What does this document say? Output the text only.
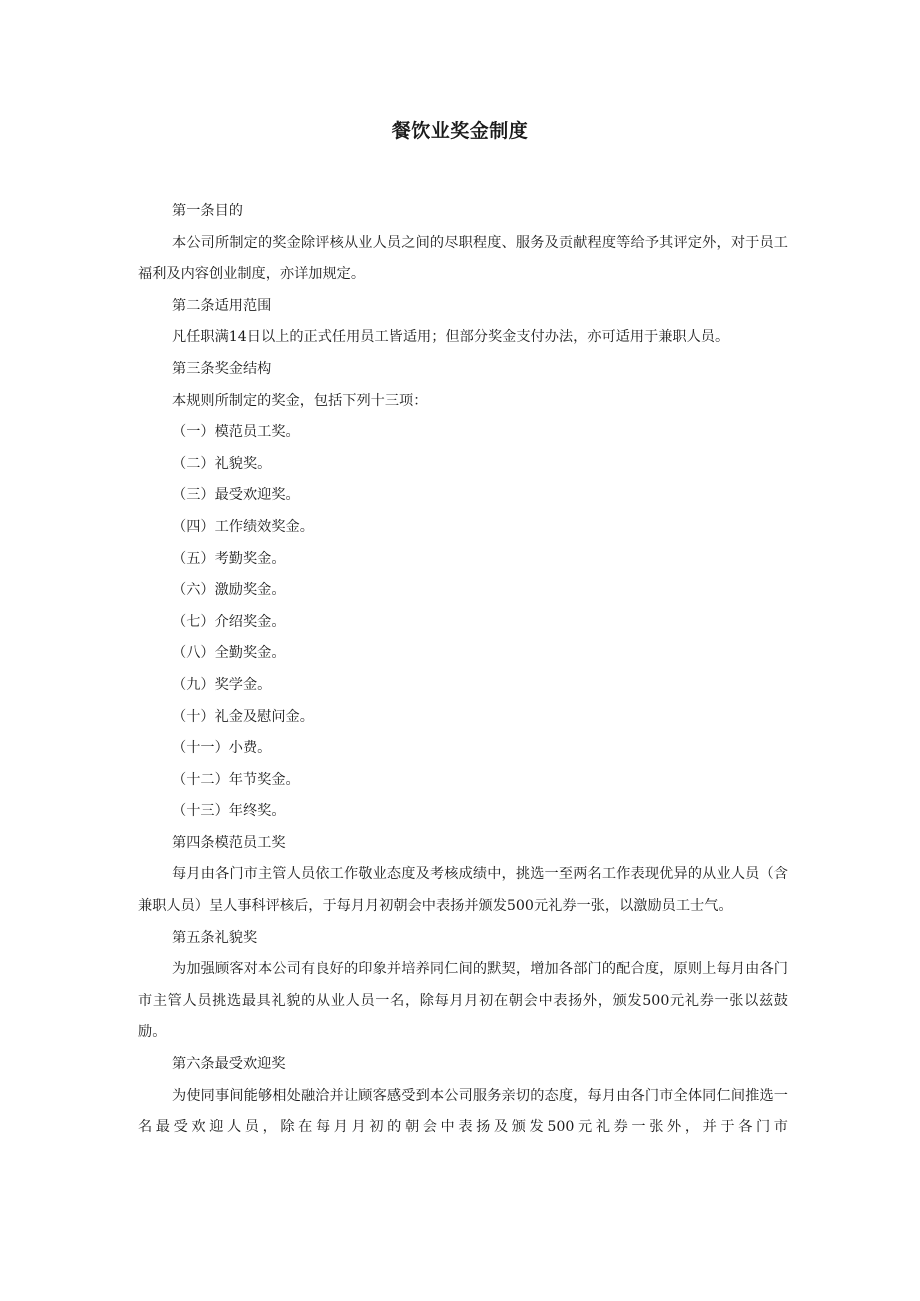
餐饮业奖金制度

第一条目的

本公司所制定的奖金除评核从业人员之间的尽职程度、服务及贡献程度等给予其评定外，对于员工福利及内容创业制度，亦详加规定。

第二条适用范围

凡任职满14日以上的正式任用员工皆适用；但部分奖金支付办法，亦可适用于兼职人员。

第三条奖金结构

本规则所制定的奖金，包括下列十三项：

（一）模范员工奖。

（二）礼貌奖。

（三）最受欢迎奖。

（四）工作绩效奖金。

（五）考勤奖金。

（六）激励奖金。

（七）介绍奖金。

（八）全勤奖金。

（九）奖学金。

（十）礼金及慰问金。

（十一）小费。

（十二）年节奖金。

（十三）年终奖。

第四条模范员工奖

每月由各门市主管人员依工作敬业态度及考核成绩中，挑选一至两名工作表现优异的从业人员（含兼职人员）呈人事科评核后，于每月月初朝会中表扬并颁发500元礼券一张，以激励员工士气。

第五条礼貌奖

为加强顾客对本公司有良好的印象并培养同仁间的默契，增加各部门的配合度，原则上每月由各门市主管人员挑选最具礼貌的从业人员一名，除每月月初在朝会中表扬外，颁发500元礼券一张以兹鼓励。

第六条最受欢迎奖

为使同事间能够相处融洽并让顾客感受到本公司服务亲切的态度，每月由各门市全体同仁间推选一名最受欢迎人员，除在每月月初的朝会中表扬及颁发500元礼券一张外，并于各门市
